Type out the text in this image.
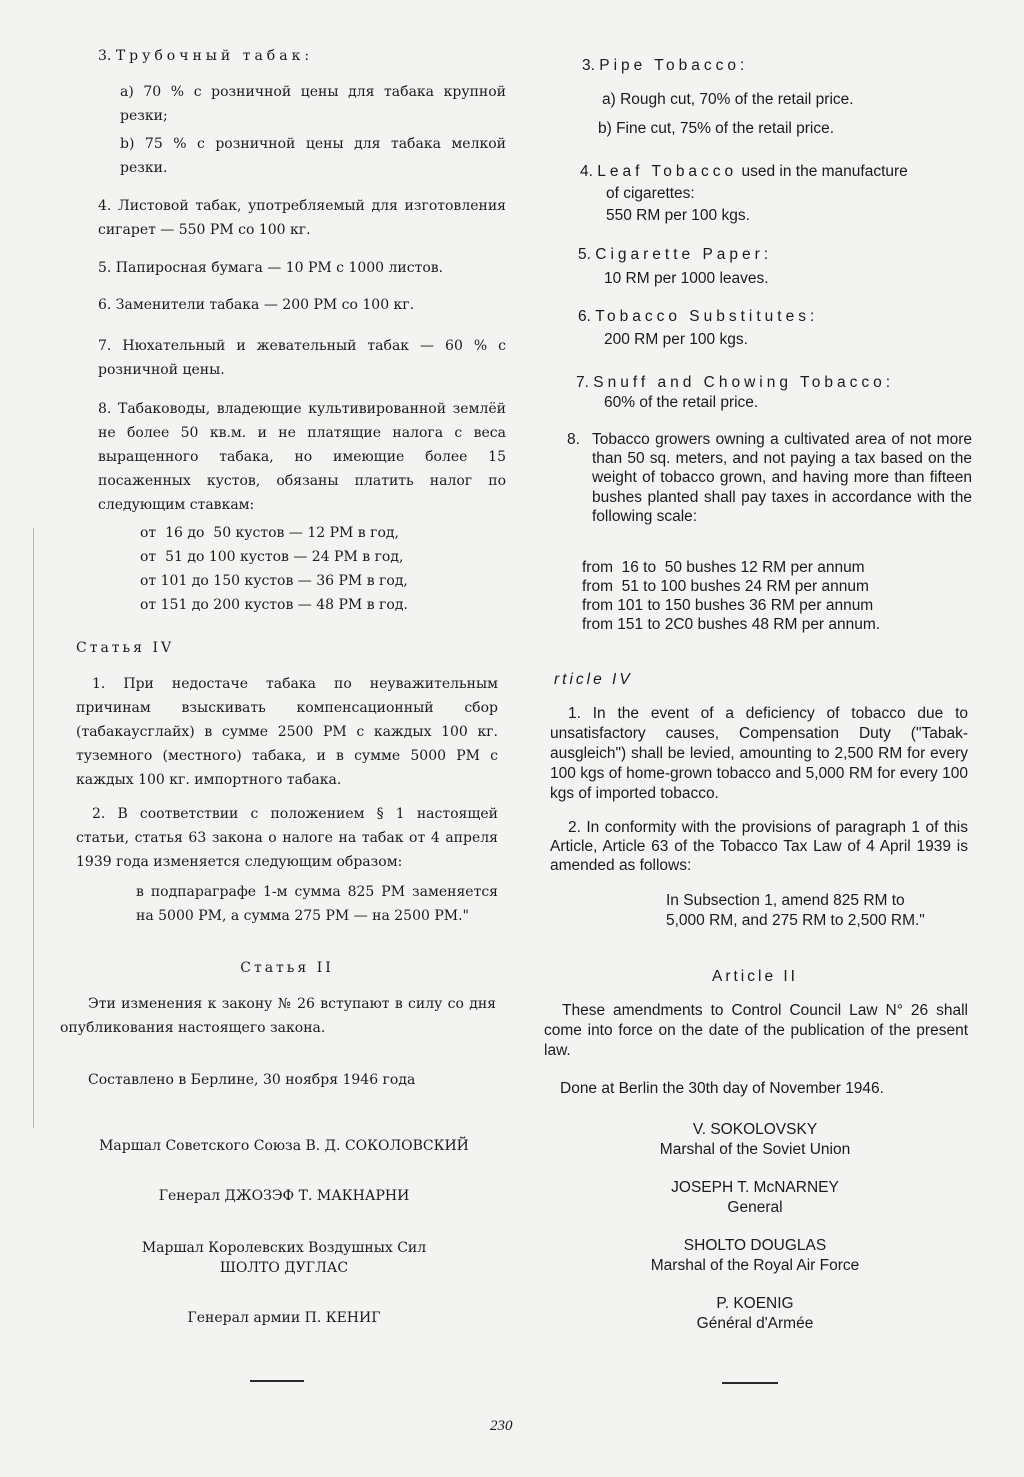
3. Трубочный табак:
a) 70 % с розничной цены для табака крупной резки;
b) 75 % с розничной цены для табака мелкой резки.
4. Листовой табак, употребляемый для изготовления сигарет — 550 РМ со 100 кг.
5. Папиросная бумага — 10 РМ с 1000 листов.
6. Заменители табака — 200 РМ со 100 кг.
7. Нюхательный и жевательный табак — 60 % с розничной цены.
8. Табаководы, владеющие культивированной землёй не более 50 кв.м. и не платящие налога с веса выращенного табака, но имеющие более 15 посаженных кустов, обязаны платить налог по следующим ставкам:
от  16 до  50 кустов — 12 РМ в год,
от  51 до 100 кустов — 24 РМ в год,
от 101 до 150 кустов — 36 РМ в год,
от 151 до 200 кустов — 48 РМ в год.
Статья IV
1. При недостаче табака по неуважительным причинам взыскивать компенсационный сбор (табакаусглайх) в сумме 2500 РМ с каждых 100 кг. туземного (местного) табака, и в сумме 5000 РМ с каждых 100 кг. импортного табака.
2. В соответствии с положением § 1 настоящей статьи, статья 63 закона о налоге на табак от 4 апреля 1939 года изменяется следующим образом:
в подпараграфе 1-м сумма 825 РМ заменяется на 5000 РМ, а сумма 275 РМ — на 2500 РМ."
Статья II
Эти изменения к закону № 26 вступают в силу со дня опубликования настоящего закона.
Составлено в Берлине, 30 ноября 1946 года
Маршал Советского Союза В. Д. СОКОЛОВСКИЙ
Генерал ДЖОЗЭФ Т. МАКНАРНИ
Маршал Королевских Воздушных Сил
ШОЛТО ДУГЛАС
Генерал армии П. КЕНИГ
3. Pipe Tobacco:
a) Rough cut, 70% of the retail price.
b) Fine cut, 75% of the retail price.
4. Leaf Tobacco used in the manufacture
of cigarettes:
550 RM per 100 kgs.
5. Cigarette Paper:
10 RM per 1000 leaves.
6. Tobacco Substitutes:
200 RM per 100 kgs.
7. Snuff and Chowing Tobacco:
60% of the retail price.
8. Tobacco growers owning a cultivated area of not more than 50 sq. meters, and not paying a tax based on the weight of tobacco grown, and having more than fifteen bushes planted shall pay taxes in accordance with the following scale:
from  16 to  50 bushes 12 RM per annum
from  51 to 100 bushes 24 RM per annum
from 101 to 150 bushes 36 RM per annum
from 151 to 2C0 bushes 48 RM per annum.
rticle IV
1. In the event of a deficiency of tobacco due to unsatisfactory causes, Compensation Duty ("Tabak-ausgleich") shall be levied, amounting to 2,500 RM for every 100 kgs of home-grown tobacco and 5,000 RM for every 100 kgs of imported tobacco.
2. In conformity with the provisions of paragraph 1 of this Article, Article 63 of the Tobacco Tax Law of 4 April 1939 is amended as follows:
In Subsection 1, amend 825 RM to
5,000 RM, and 275 RM to 2,500 RM."
Article II
These amendments to Control Council Law N° 26 shall come into force on the date of the publication of the present law.
Done at Berlin the 30th day of November 1946.
V. SOKOLOVSKY
Marshal of the Soviet Union
JOSEPH T. McNARNEY
General
SHOLTO DOUGLAS
Marshal of the Royal Air Force
P. KOENIG
Général d'Armée
230
